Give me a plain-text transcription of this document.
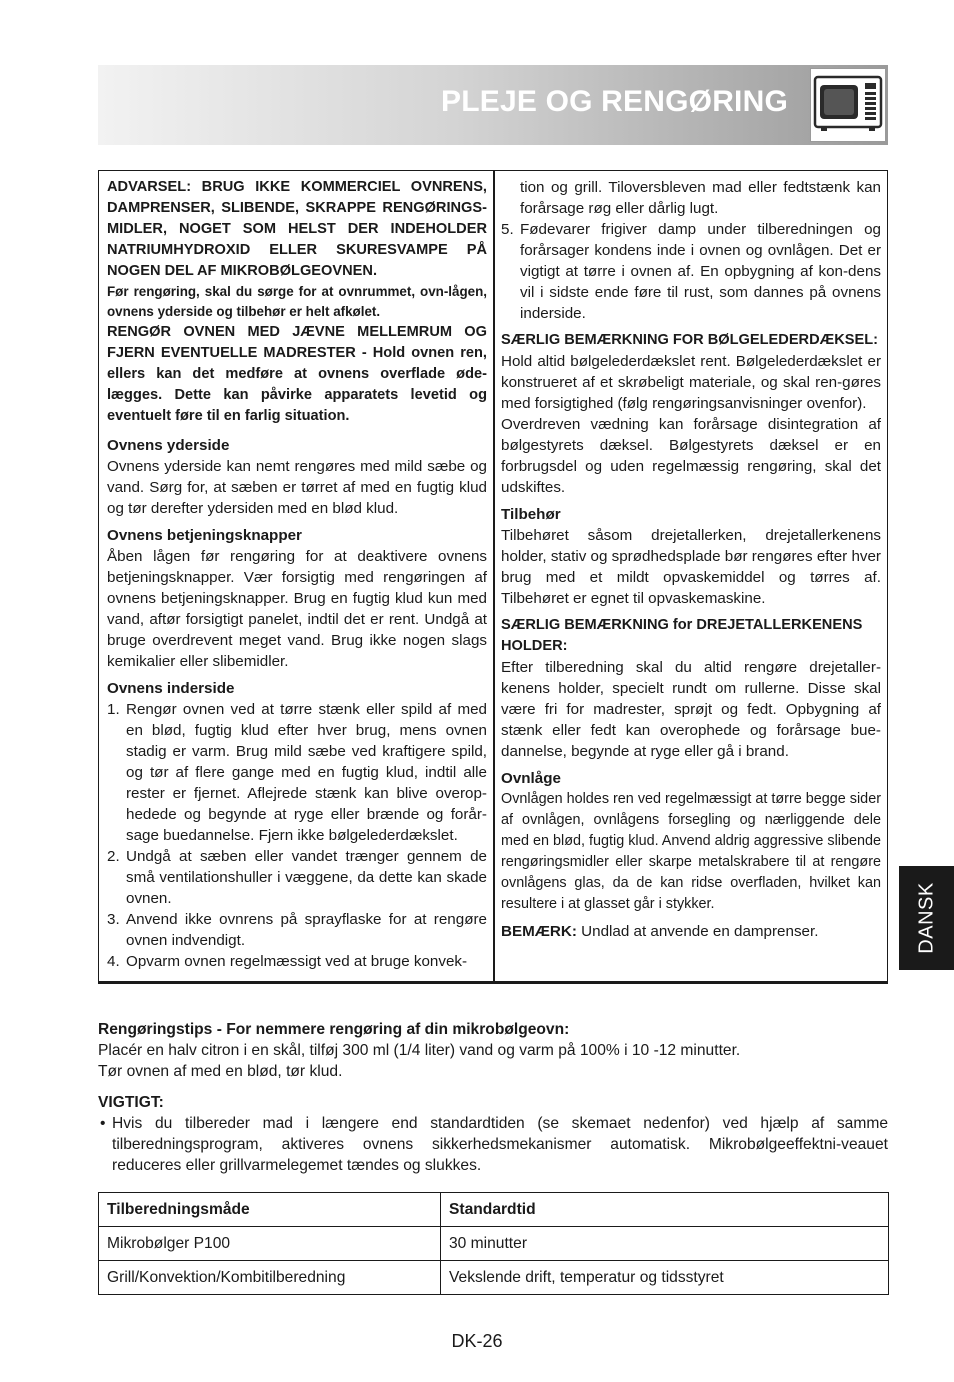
PLEJE OG RENGØRING

ADVARSEL: BRUG IKKE KOMMERCIEL OVNRENS, DAMPRENSER, SLIBENDE, SKRAPPE RENGØRINGS-MIDLER, NOGET SOM HELST DER INDEHOLDER NATRIUMHYDROXID ELLER SKURESVAMPE PÅ NOGEN DEL AF MIKROBØLGEOVNEN.

Før rengøring, skal du sørge for at ovnrummet, ovn-lågen, ovnens yderside og tilbehør er helt afkølet.

RENGØR OVNEN MED JÆVNE MELLEMRUM OG FJERN EVENTUELLE MADRESTER - Hold ovnen ren, ellers kan det medføre at ovnens overflade øde-lægges. Dette kan påvirke apparatets levetid og eventuelt føre til en farlig situation.

Ovnens yderside

Ovnens yderside kan nemt rengøres med mild sæbe og vand. Sørg for, at sæben er tørret af med en fugtig klud og tør derefter ydersiden med en blød klud.

Ovnens betjeningsknapper

Åben lågen før rengøring for at deaktivere ovnens betjeningsknapper. Vær forsigtig med rengøringen af ovnens betjeningsknapper. Brug en fugtig klud kun med vand, aftør forsigtigt panelet, indtil det er rent. Undgå at bruge overdrevent meget vand. Brug ikke nogen slags kemikalier eller slibemidler.

Ovnens inderside

1. Rengør ovnen ved at tørre stænk eller spild af med en blød, fugtig klud efter hver brug, mens ovnen stadig er varm. Brug mild sæbe ved kraftigere spild, og tør af flere gange med en fugtig klud, indtil alle rester er fjernet. Aflejrede stænk kan blive overop-hedede og begynde at ryge eller brænde og forår-sage buedannelse. Fjern ikke bølgelederdækslet.
2. Undgå at sæben eller vandet trænger gennem de små ventilationshuller i væggene, da dette kan skade ovnen.
3. Anvend ikke ovnrens på sprayflaske for at rengøre ovnen indvendigt.
4. Opvarm ovnen regelmæssigt ved at bruge konvek-

tion og grill. Tiloversbleven mad eller fedtstænk kan forårsage røg eller dårlig lugt.

5. Fødevarer frigiver damp under tilberedningen og forårsager kondens inde i ovnen og ovnlågen. Det er vigtigt at tørre i ovnen af. En opbygning af kon-dens vil i sidste ende føre til rust, som dannes på ovnens inderside.

SÆRLIG BEMÆRKNING FOR BØLGELEDERDÆKSEL:

Hold altid bølgelederdækslet rent. Bølgelederdækslet er konstrueret af et skrøbeligt materiale, og skal ren-gøres med forsigtighed (følg rengøringsanvisninger ovenfor).

Overdreven vædning kan forårsage disintegration af bølgestyrets dæksel. Bølgestyrets dæksel er en forbrugsdel og uden regelmæssig rengøring, skal det udskiftes.

Tilbehør

Tilbehøret såsom drejetallerken, drejetallerkenens holder, stativ og sprødhedsplade bør rengøres efter hver brug med et mildt opvaskemiddel og tørres af. Tilbehøret er egnet til opvaskemaskine.

SÆRLIG BEMÆRKNING for DREJETALLERKENENS HOLDER:

Efter tilberedning skal du altid rengøre drejetaller-kenens holder, specielt rundt om rullerne. Disse skal være fri for madrester, sprøjt og fedt. Opbygning af stænk eller fedt kan overophede og forårsage bue-dannelse, begynde at ryge eller gå i brand.

Ovnlåge

Ovnlågen holdes ren ved regelmæssigt at tørre begge sider af ovnlågen, ovnlågens forsegling og nærliggende dele med en blød, fugtig klud. Anvend aldrig aggressive slibende rengøringsmidler eller skarpe metalskrabere til at rengøre ovnlågens glas, da de kan ridse overfladen, hvilket kan resultere i at glasset går i stykker.

BEMÆRK: Undlad at anvende en damprenser.

Rengøringstips - For nemmere rengøring af din mikrobølgeovn:

Placér en halv citron i en skål, tilføj 300 ml (1/4 liter) vand og varm på 100% i 10 -12 minutter.

Tør ovnen af med en blød, tør klud.

VIGTIGT:

• Hvis du tilbereder mad i længere end standardtiden (se skemaet nedenfor) ved hjælp af samme tilberedningsprogram, aktiveres ovnens sikkerhedsmekanismer automatisk. Mikrobølgeeffektni-veauet reduceres eller grillvarmelegemet tændes og slukkes.
Tilberedningsmåde	Standardtid
Mikrobølger P100	30 minutter
Grill/Konvektion/Kombitilberedning	Vekslende drift, temperatur og tidsstyret
DK-26
DANSK
